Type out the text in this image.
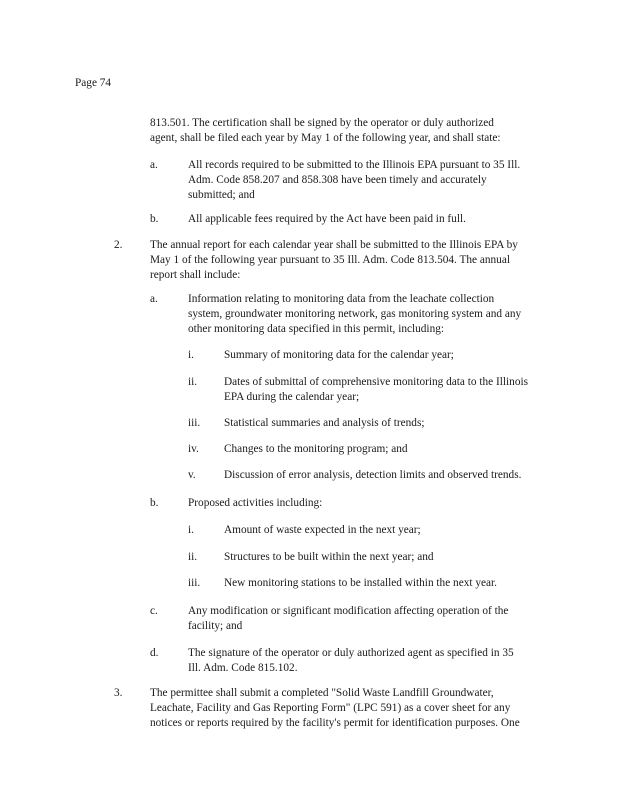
Page 74
813.501. The certification shall be signed by the operator or duly authorized
agent, shall be filed each year by May 1 of the following year, and shall state:
a.	All records required to be submitted to the Illinois EPA pursuant to 35 Ill.
Adm. Code 858.207 and 858.308 have been timely and accurately
submitted; and
b.	All applicable fees required by the Act have been paid in full.
2. The annual report for each calendar year shall be submitted to the Illinois EPA by
May 1 of the following year pursuant to 35 Ill. Adm. Code 813.504. The annual
report shall include:
a.	Information relating to monitoring data from the leachate collection
system, groundwater monitoring network, gas monitoring system and any
other monitoring data specified in this permit, including:
i.	Summary of monitoring data for the calendar year;
ii. Dates of submittal of comprehensive monitoring data to the Illinois
EPA during the calendar year;
iii. Statistical summaries and analysis of trends;
iv. Changes to the monitoring program; and
v.	Discussion of error analysis, detection limits and observed trends.
b.	Proposed activities including:
i.	Amount of waste expected in the next year;
ii. Structures to be built within the next year; and
iii. New monitoring stations to be installed within the next year.
c.	Any modification or significant modification affecting operation of the
facility; and
d.	The signature of the operator or duly authorized agent as specified in 35
Ill. Adm. Code 815.102.
3. The permittee shall submit a completed "Solid Waste Landfill Groundwater,
Leachate, Facility and Gas Reporting Form" (LPC 591) as a cover sheet for any
notices or reports required by the facility's permit for identification purposes. One
